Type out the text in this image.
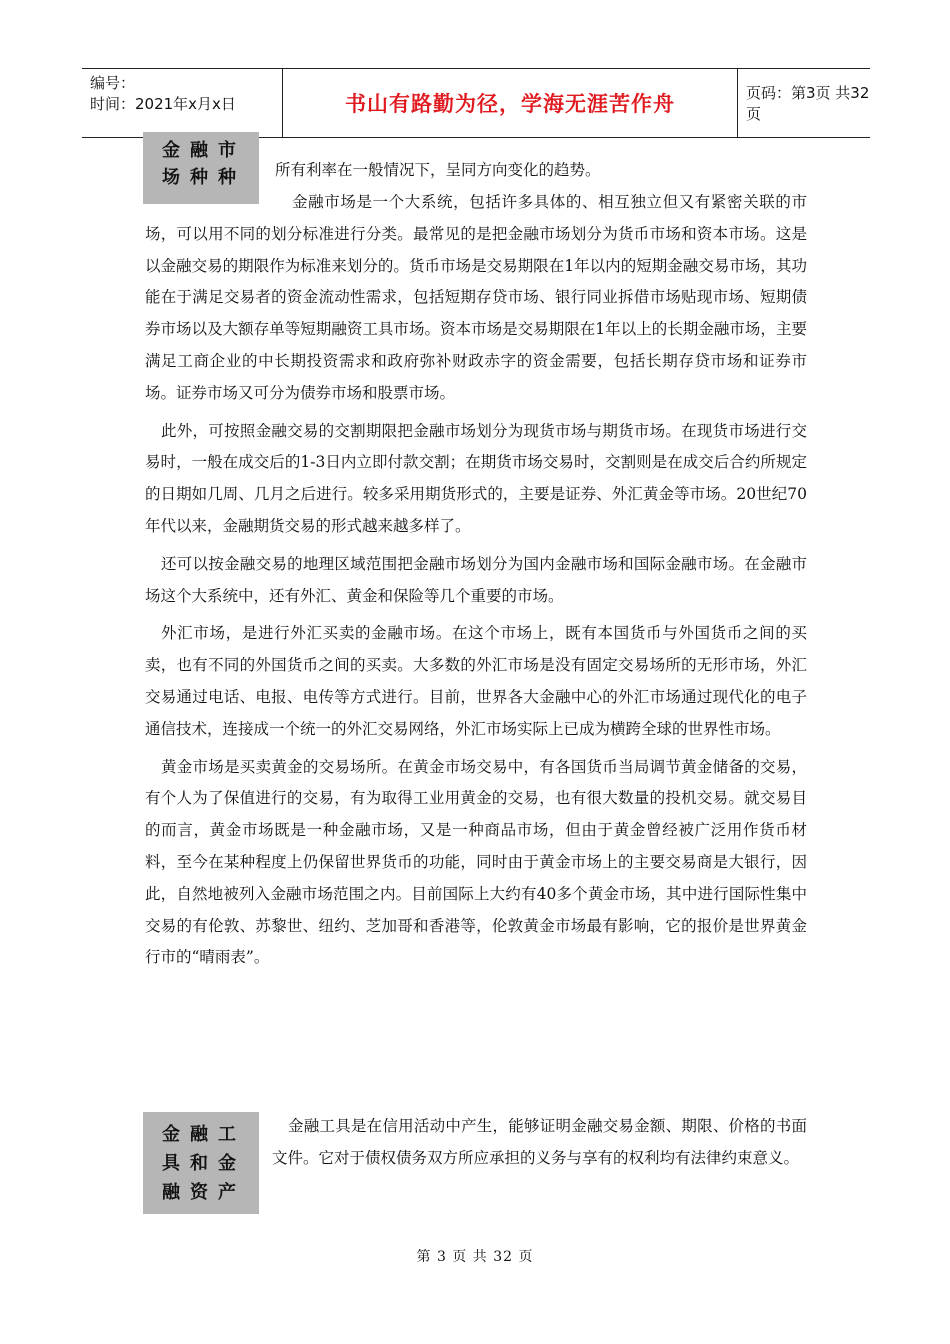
编号：
时间：2021年x月x日	书山有路勤为径，学海无涯苦作舟	页码：第3页 共32页
金融市
场种种	所有利率在一般情况下，呈同方向变化的趋势。

金融市场是一个大系统，包括许多具体的、相互独立但又有紧密关联的市场，可以用不同的划分标准进行分类。最常见的是把金融市场划分为货币市场和资本市场。这是以金融交易的期限作为标准来划分的。货币市场是交易期限在1年以内的短期金融交易市场，其功能在于满足交易者的资金流动性需求，包括短期存贷市场、银行同业拆借市场贴现市场、短期债券市场以及大额存单等短期融资工具市场。资本市场是交易期限在1年以上的长期金融市场，主要满足工商企业的中长期投资需求和政府弥补财政赤字的资金需要，包括长期存贷市场和证券市场。证券市场又可分为债券市场和股票市场。

此外，可按照金融交易的交割期限把金融市场划分为现货市场与期货市场。在现货市场进行交易时，一般在成交后的1-3日内立即付款交割；在期货市场交易时，交割则是在成交后合约所规定的日期如几周、几月之后进行。较多采用期货形式的，主要是证券、外汇黄金等市场。20世纪70年代以来，金融期货交易的形式越来越多样了。

还可以按金融交易的地理区域范围把金融市场划分为国内金融市场和国际金融市场。在金融市场这个大系统中，还有外汇、黄金和保险等几个重要的市场。

外汇市场，是进行外汇买卖的金融市场。在这个市场上，既有本国货币与外国货币之间的买卖，也有不同的外国货币之间的买卖。大多数的外汇市场是没有固定交易场所的无形市场，外汇交易通过电话、电报、电传等方式进行。目前，世界各大金融中心的外汇市场通过现代化的电子通信技术，连接成一个统一的外汇交易网络，外汇市场实际上已成为横跨全球的世界性市场。

黄金市场是买卖黄金的交易场所。在黄金市场交易中，有各国货币当局调节黄金储备的交易，有个人为了保值进行的交易，有为取得工业用黄金的交易，也有很大数量的投机交易。就交易目的而言，黄金市场既是一种金融市场，又是一种商品市场，但由于黄金曾经被广泛用作货币材料，至今在某种程度上仍保留世界货币的功能，同时由于黄金市场上的主要交易商是大银行，因此，自然地被列入金融市场范围之内。目前国际上大约有40多个黄金市场，其中进行国际性集中交易的有伦敦、苏黎世、纽约、芝加哥和香港等，伦敦黄金市场最有影响，它的报价是世界黄金行市的“晴雨表”。

金融工
具和金
融资产

金融工具是在信用活动中产生，能够证明金融交易金额、期限、价格的书面文件。它对于债权债务双方所应承担的义务与享有的权利均有法律约束意义。

第 3 页 共 32 页
